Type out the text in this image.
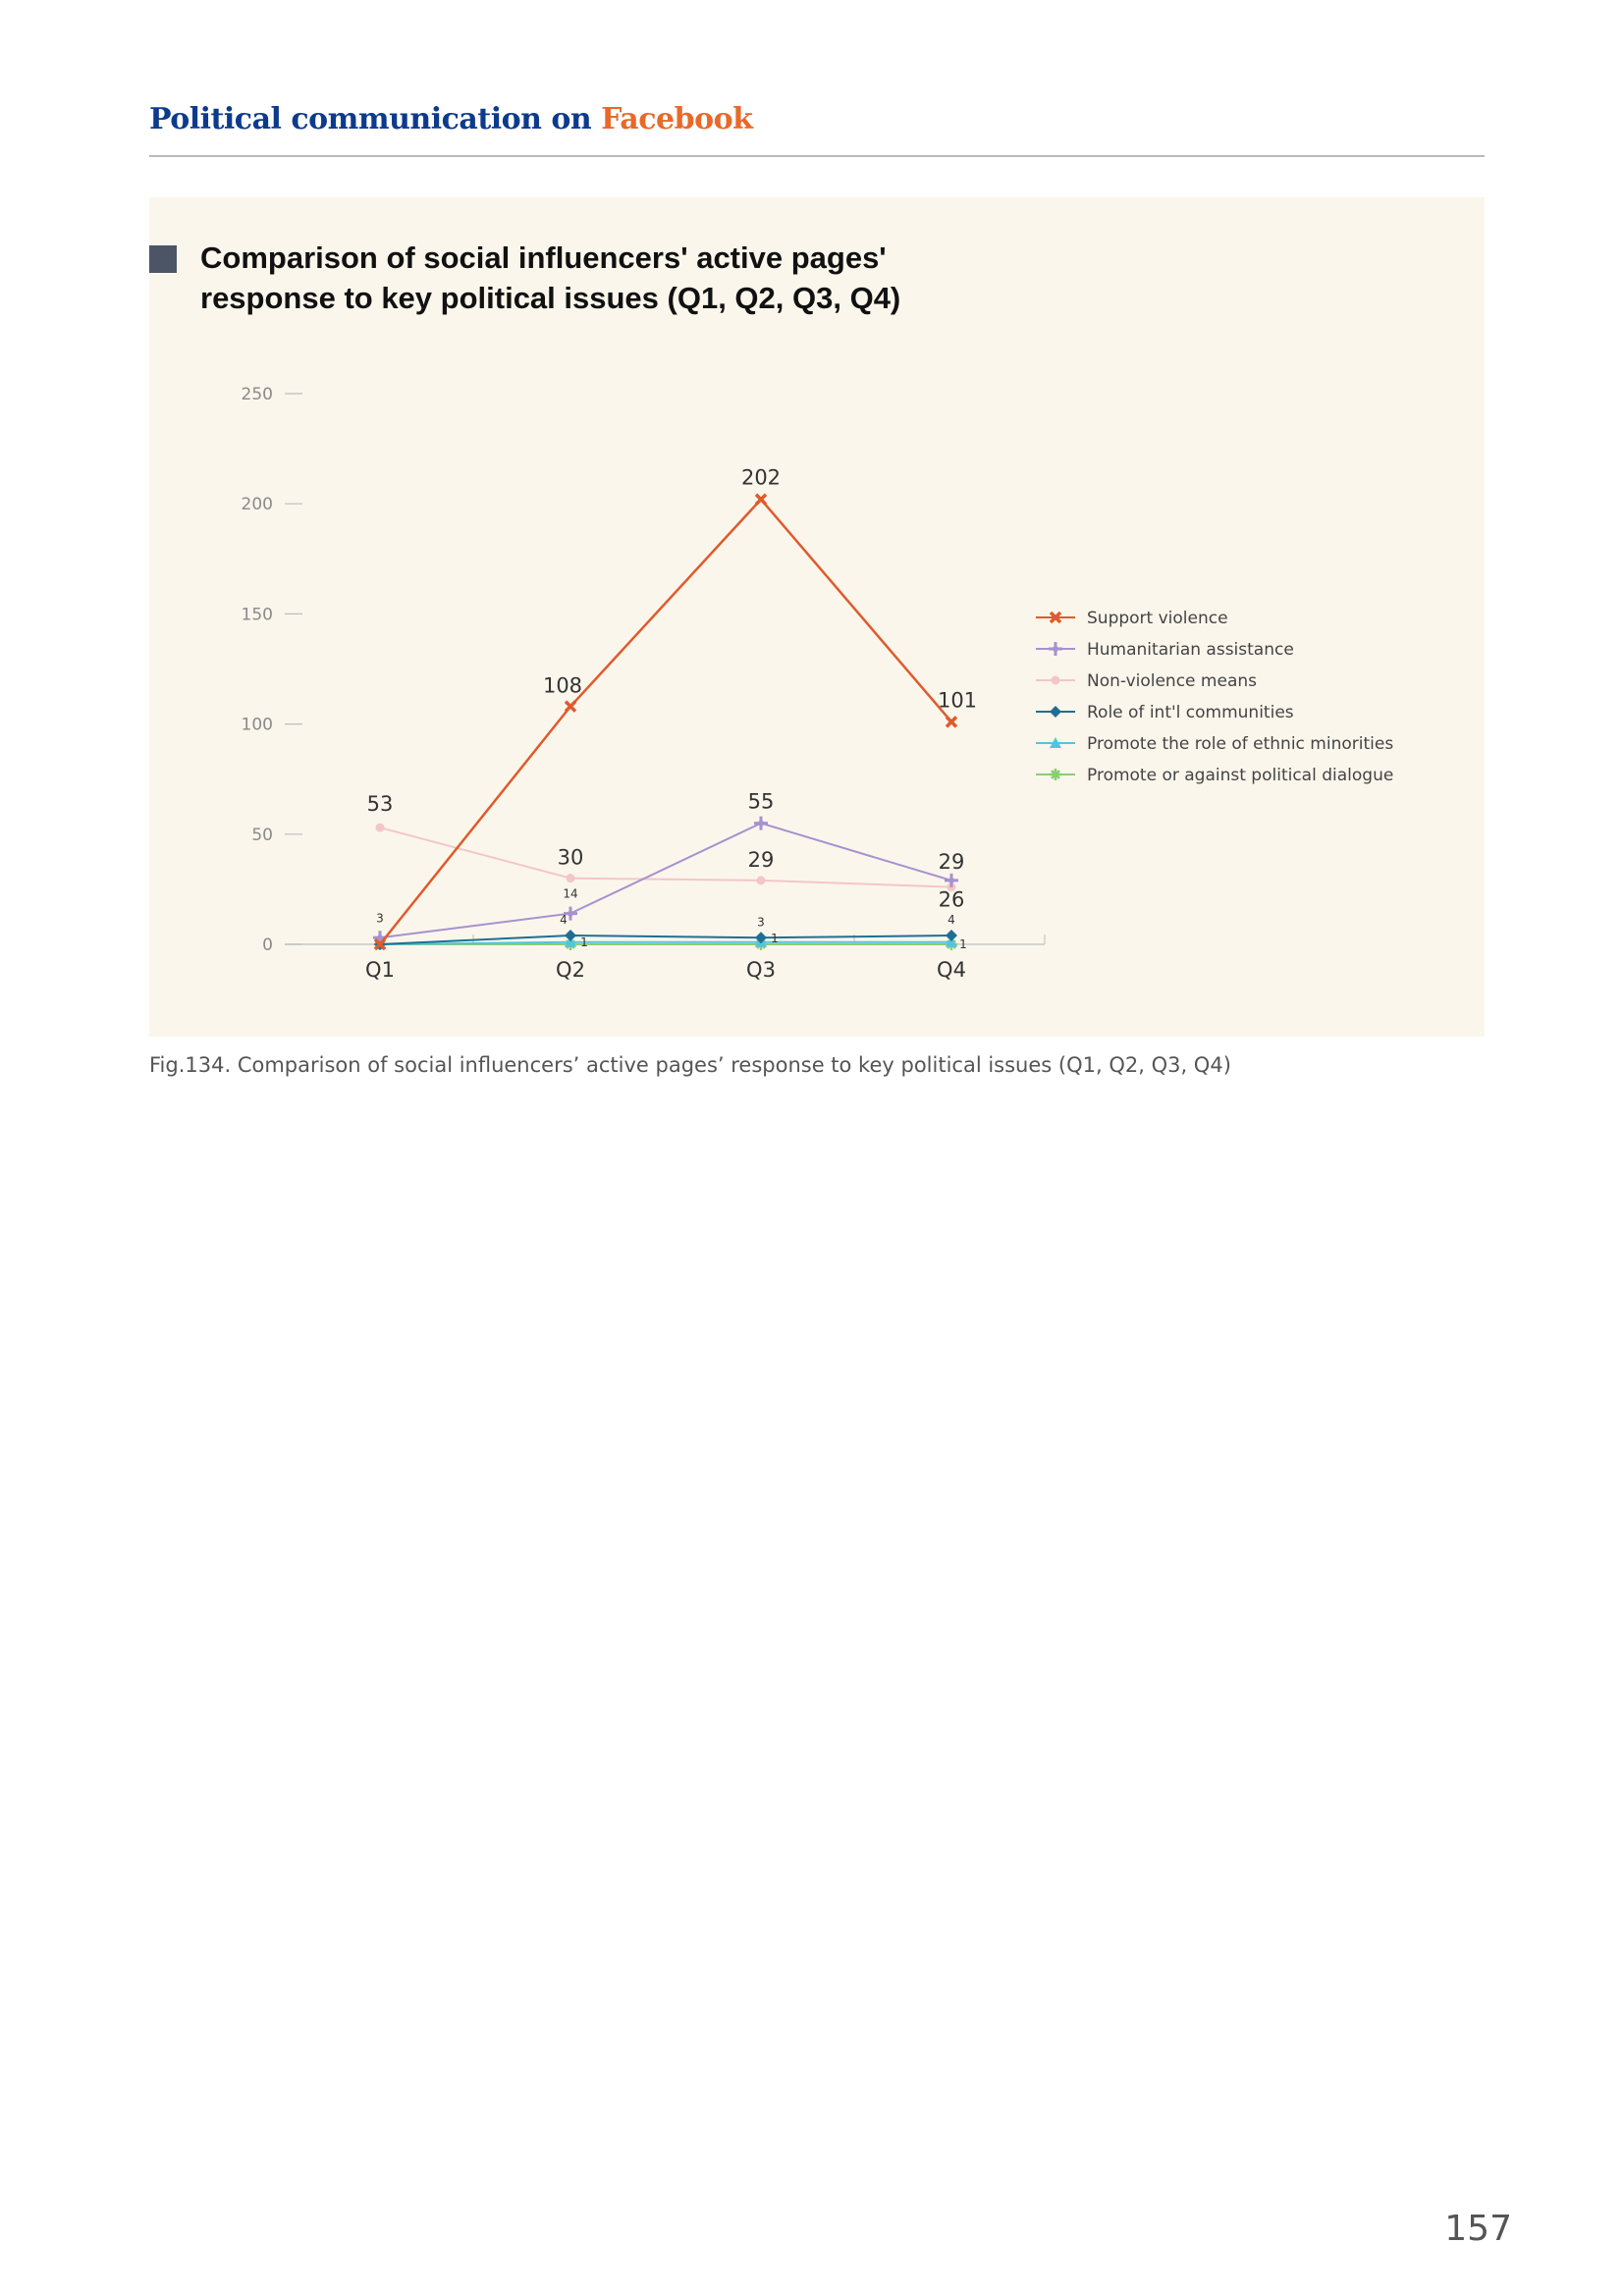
Political communication on Facebook
Comparison of social influencers' active pages'
response to key political issues (Q1, Q2, Q3, Q4)
0
50
100
150
200
250
Q1	Q2	Q3	Q4
108
202
101
3
14
55
29
53
30	29
26
4	3	4
1	1	1
Support violence
Humanitarian assistance
Non-violence means
Role of int'l communities
Promote the role of ethnic minorities
Promote or against political dialogue
Fig.134. Comparison of social influencers’ active pages’ response to key political issues (Q1, Q2, Q3, Q4)
157
